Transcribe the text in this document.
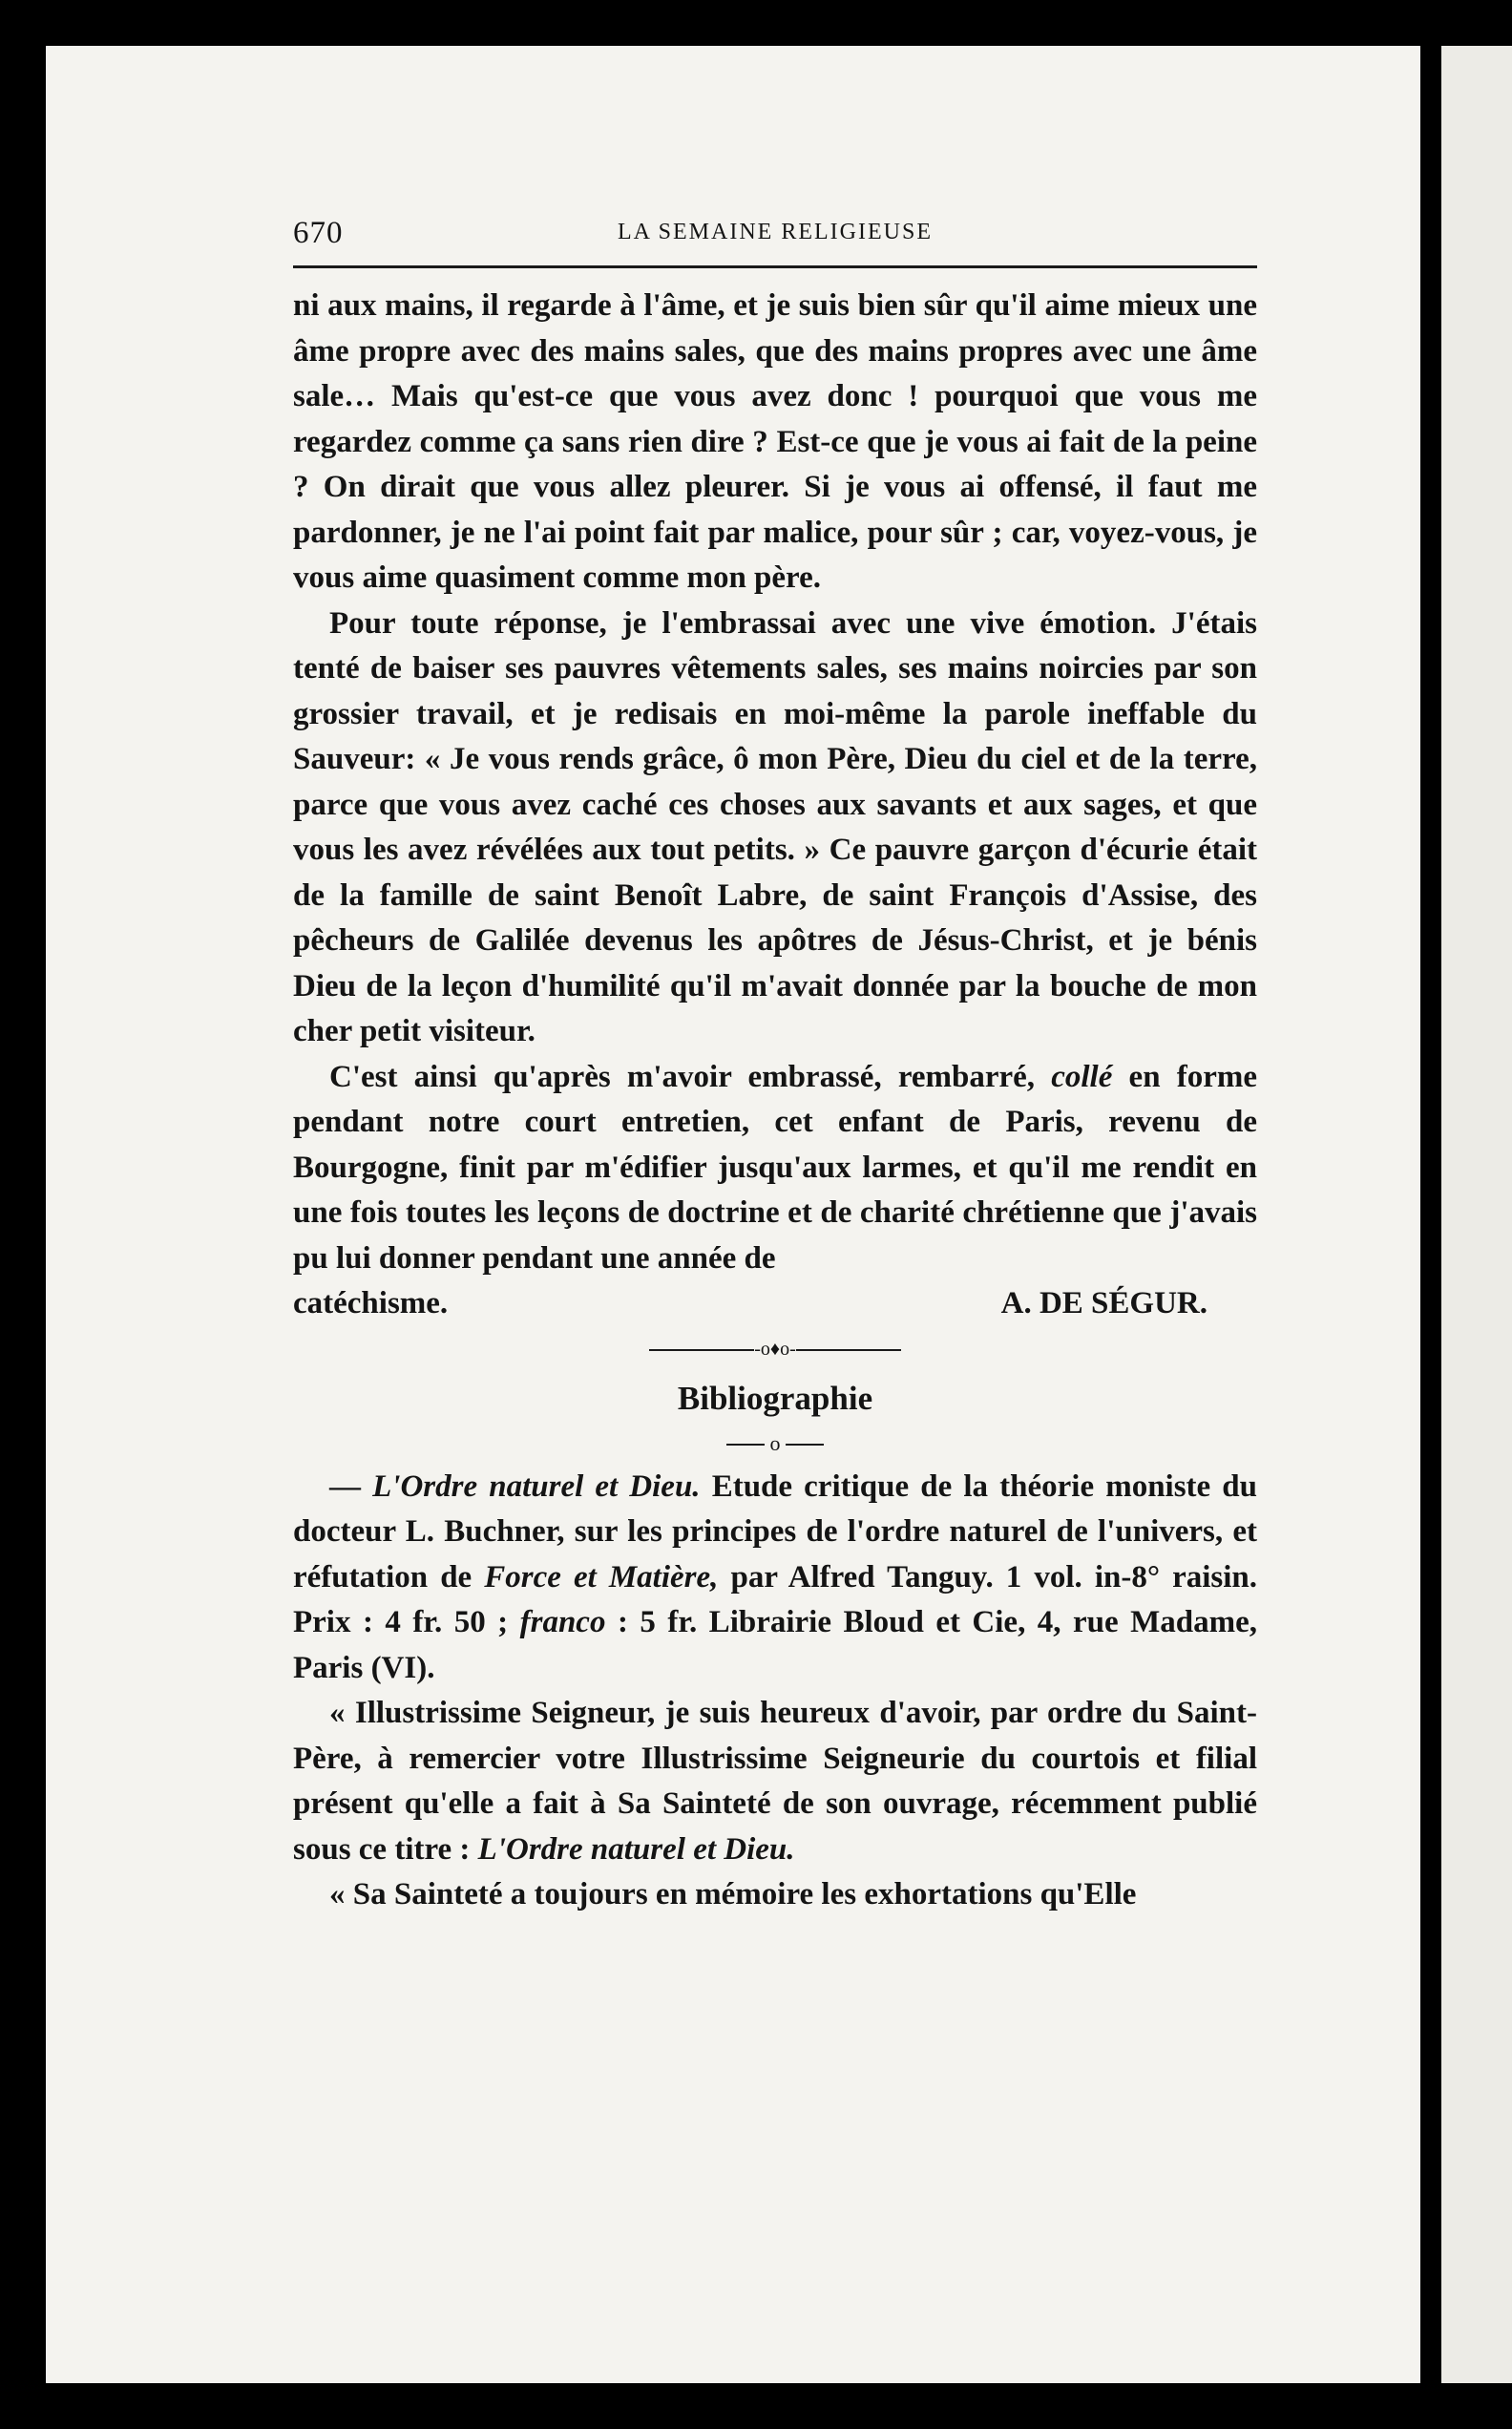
670	LA SEMAINE RELIGIEUSE

ni aux mains, il regarde à l'âme, et je suis bien sûr qu'il aime mieux une âme propre avec des mains sales, que des mains propres avec une âme sale… Mais qu'est-ce que vous avez donc ! pourquoi que vous me regardez comme ça sans rien dire ? Est-ce que je vous ai fait de la peine ? On dirait que vous allez pleurer. Si je vous ai offensé, il faut me pardonner, je ne l'ai point fait par malice, pour sûr ; car, voyez-vous, je vous aime quasiment comme mon père.

Pour toute réponse, je l'embrassai avec une vive émotion. J'étais tenté de baiser ses pauvres vêtements sales, ses mains noircies par son grossier travail, et je redisais en moi-même la parole ineffable du Sauveur: « Je vous rends grâce, ô mon Père, Dieu du ciel et de la terre, parce que vous avez caché ces choses aux savants et aux sages, et que vous les avez révélées aux tout petits. » Ce pauvre garçon d'écurie était de la famille de saint Benoît Labre, de saint François d'Assise, des pêcheurs de Galilée devenus les apôtres de Jésus-Christ, et je bénis Dieu de la leçon d'humilité qu'il m'avait donnée par la bouche de mon cher petit visiteur.

C'est ainsi qu'après m'avoir embrassé, rembarré, collé en forme pendant notre court entretien, cet enfant de Paris, revenu de Bourgogne, finit par m'édifier jusqu'aux larmes, et qu'il me rendit en une fois toutes les leçons de doctrine et de charité chrétienne que j'avais pu lui donner pendant une année de

catéchisme.	A. DE SÉGUR.
-o♦o-
Bibliographie
o

— L'Ordre naturel et Dieu. Etude critique de la théorie moniste du docteur L. Buchner, sur les principes de l'ordre naturel de l'univers, et réfutation de Force et Matière, par Alfred Tanguy. 1 vol. in-8° raisin. Prix : 4 fr. 50 ; franco : 5 fr. Librairie Bloud et Cie, 4, rue Madame, Paris (VI).

« Illustrissime Seigneur, je suis heureux d'avoir, par ordre du Saint-Père, à remercier votre Illustrissime Seigneurie du courtois et filial présent qu'elle a fait à Sa Sainteté de son ouvrage, récemment publié sous ce titre : L'Ordre naturel et Dieu.

« Sa Sainteté a toujours en mémoire les exhortations qu'Elle
